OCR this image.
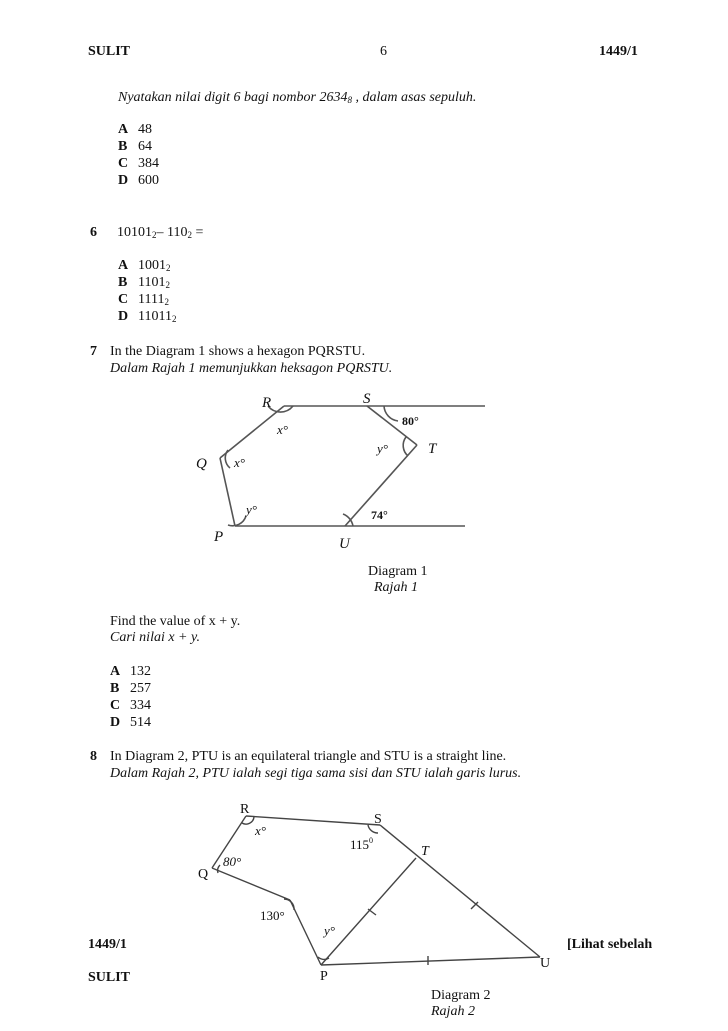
SULIT	6	1449/1
Nyatakan nilai digit 6 bagi nombor $2634_8$ , dalam asas sepuluh.
A 48
B 64
C 384
D 600
6 $10101_2-$ $110_2$ =
A $1001_2$
B $1101_2$
C $1111_2$
D $11011_2$
7 In the Diagram 1 shows a hexagon PQRSTU.
Dalam Rajah 1 memunjukkan heksagon PQRSTU.
R	S
Q
T
P	U
x°
x°
y°
y°
80°
74°
Diagram 1
Rajah 1
Find the value of x + y.
Cari nilai x + y.
A 132
B 257
C 334
D 514
8 In Diagram 2, PTU is an equilateral triangle and STU is a straight line.
Dalam Rajah 2, PTU ialah segi tiga sama sisi dan STU ialah garis lurus.
R
S
T
Q
P
U
x°
80°
$115^0$
130°
y°
Diagram 2
Rajah 2
1449/1
SULIT
[Lihat sebelah
